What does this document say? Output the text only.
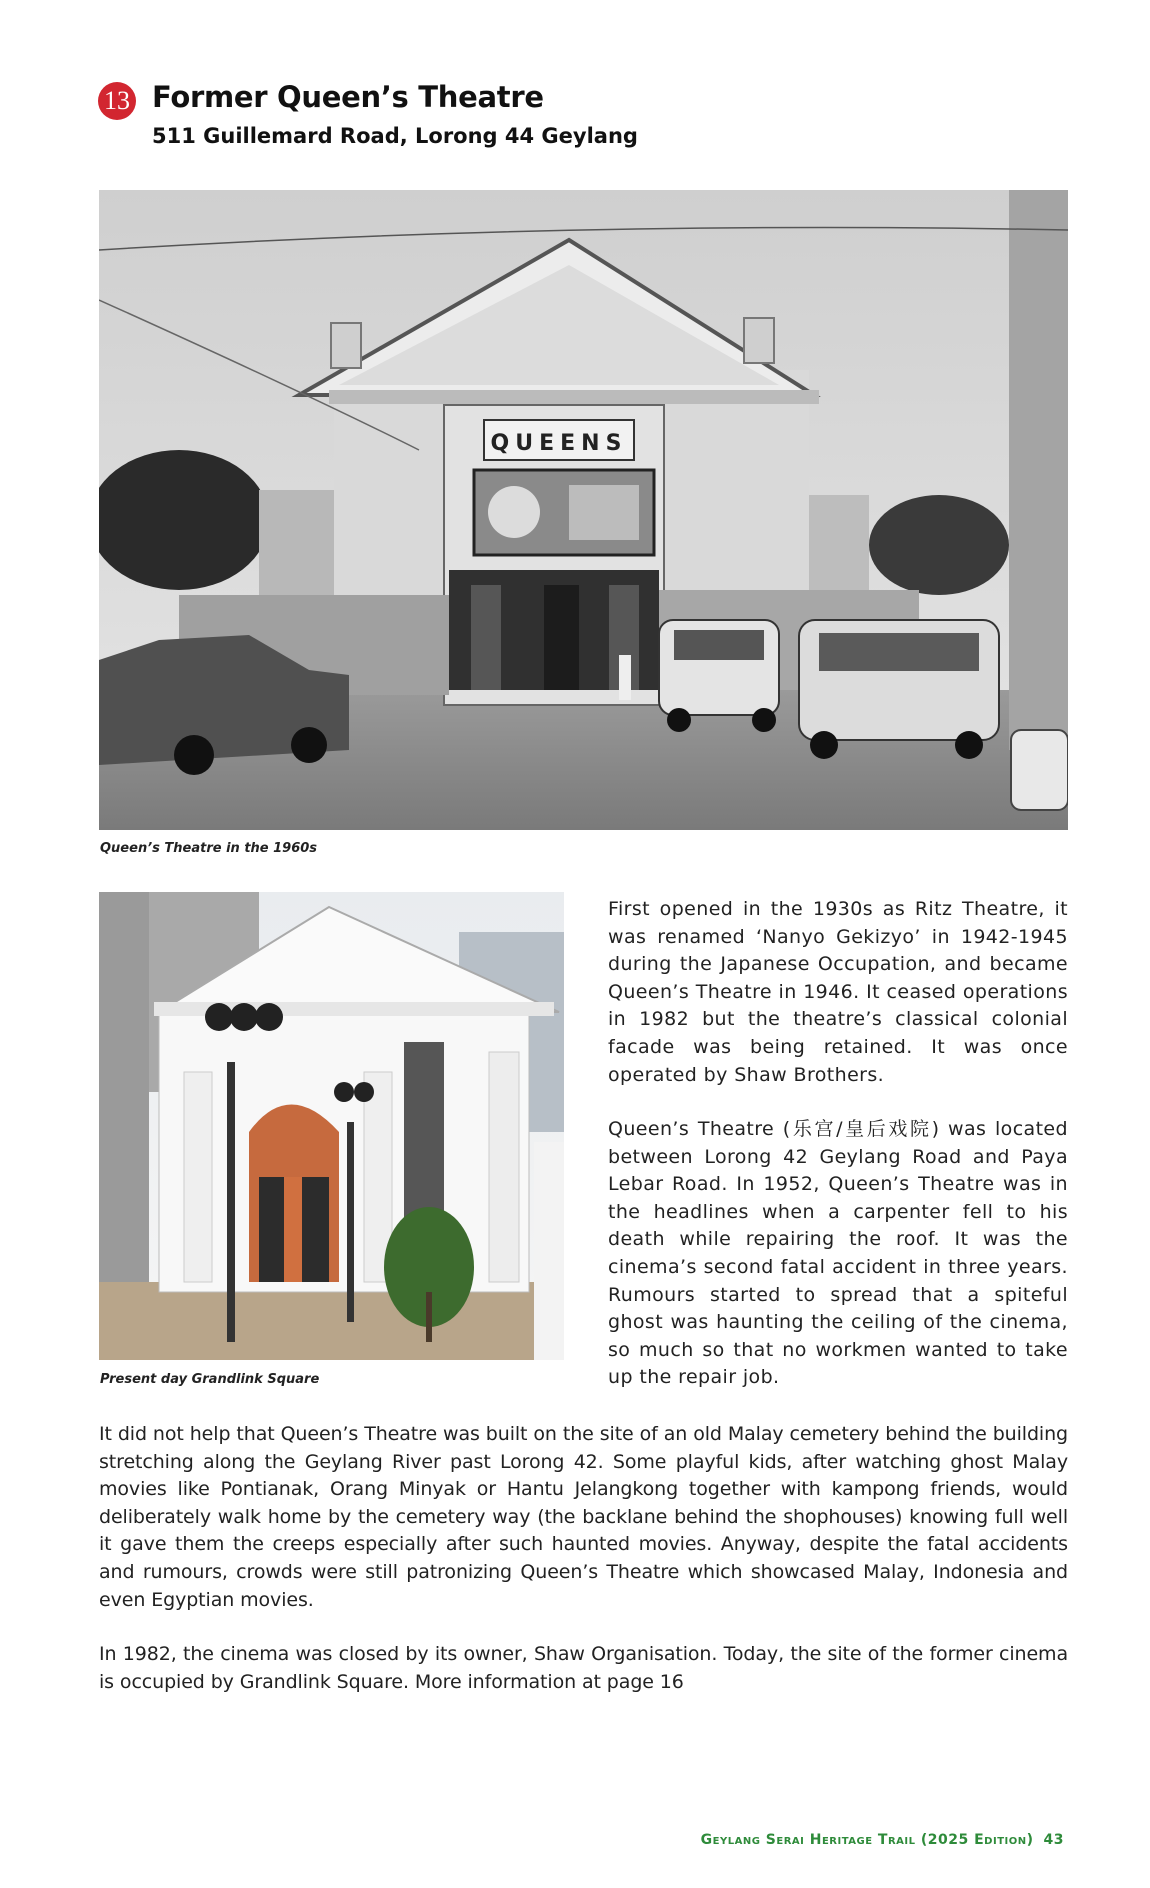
13 Former Queen’s Theatre
511 Guillemard Road, Lorong 44 Geylang
QUEENS
Queen’s Theatre in the 1960s
Present day Grandlink Square

First opened in the 1930s as Ritz Theatre, it was renamed ‘Nanyo Gekizyo’ in 1942-1945 during the Japanese Occupation, and became Queen’s Theatre in 1946. It ceased operations in 1982 but the theatre’s classical colonial facade was being retained. It was once operated by Shaw Brothers.

Queen’s Theatre (乐宫/皇后戏院) was located between Lorong 42 Geylang Road and Paya Lebar Road. In 1952, Queen’s Theatre was in the headlines when a carpenter fell to his death while repairing the roof. It was the cinema’s second fatal accident in three years. Rumours started to spread that a spiteful ghost was haunting the ceiling of the cinema, so much so that no workmen wanted to take up the repair job.

It did not help that Queen’s Theatre was built on the site of an old Malay cemetery behind the building stretching along the Geylang River past Lorong 42. Some playful kids, after watching ghost Malay movies like Pontianak, Orang Minyak or Hantu Jelangkong together with kampong friends, would deliberately walk home by the cemetery way (the backlane behind the shophouses) knowing full well it gave them the creeps especially after such haunted movies. Anyway, despite the fatal accidents and rumours, crowds were still patronizing Queen’s Theatre which showcased Malay, Indonesia and even Egyptian movies.

In 1982, the cinema was closed by its owner, Shaw Organisation. Today, the site of the former cinema is occupied by Grandlink Square. More information at page 16

Geylang Serai Heritage Trail (2025 Edition) 43
